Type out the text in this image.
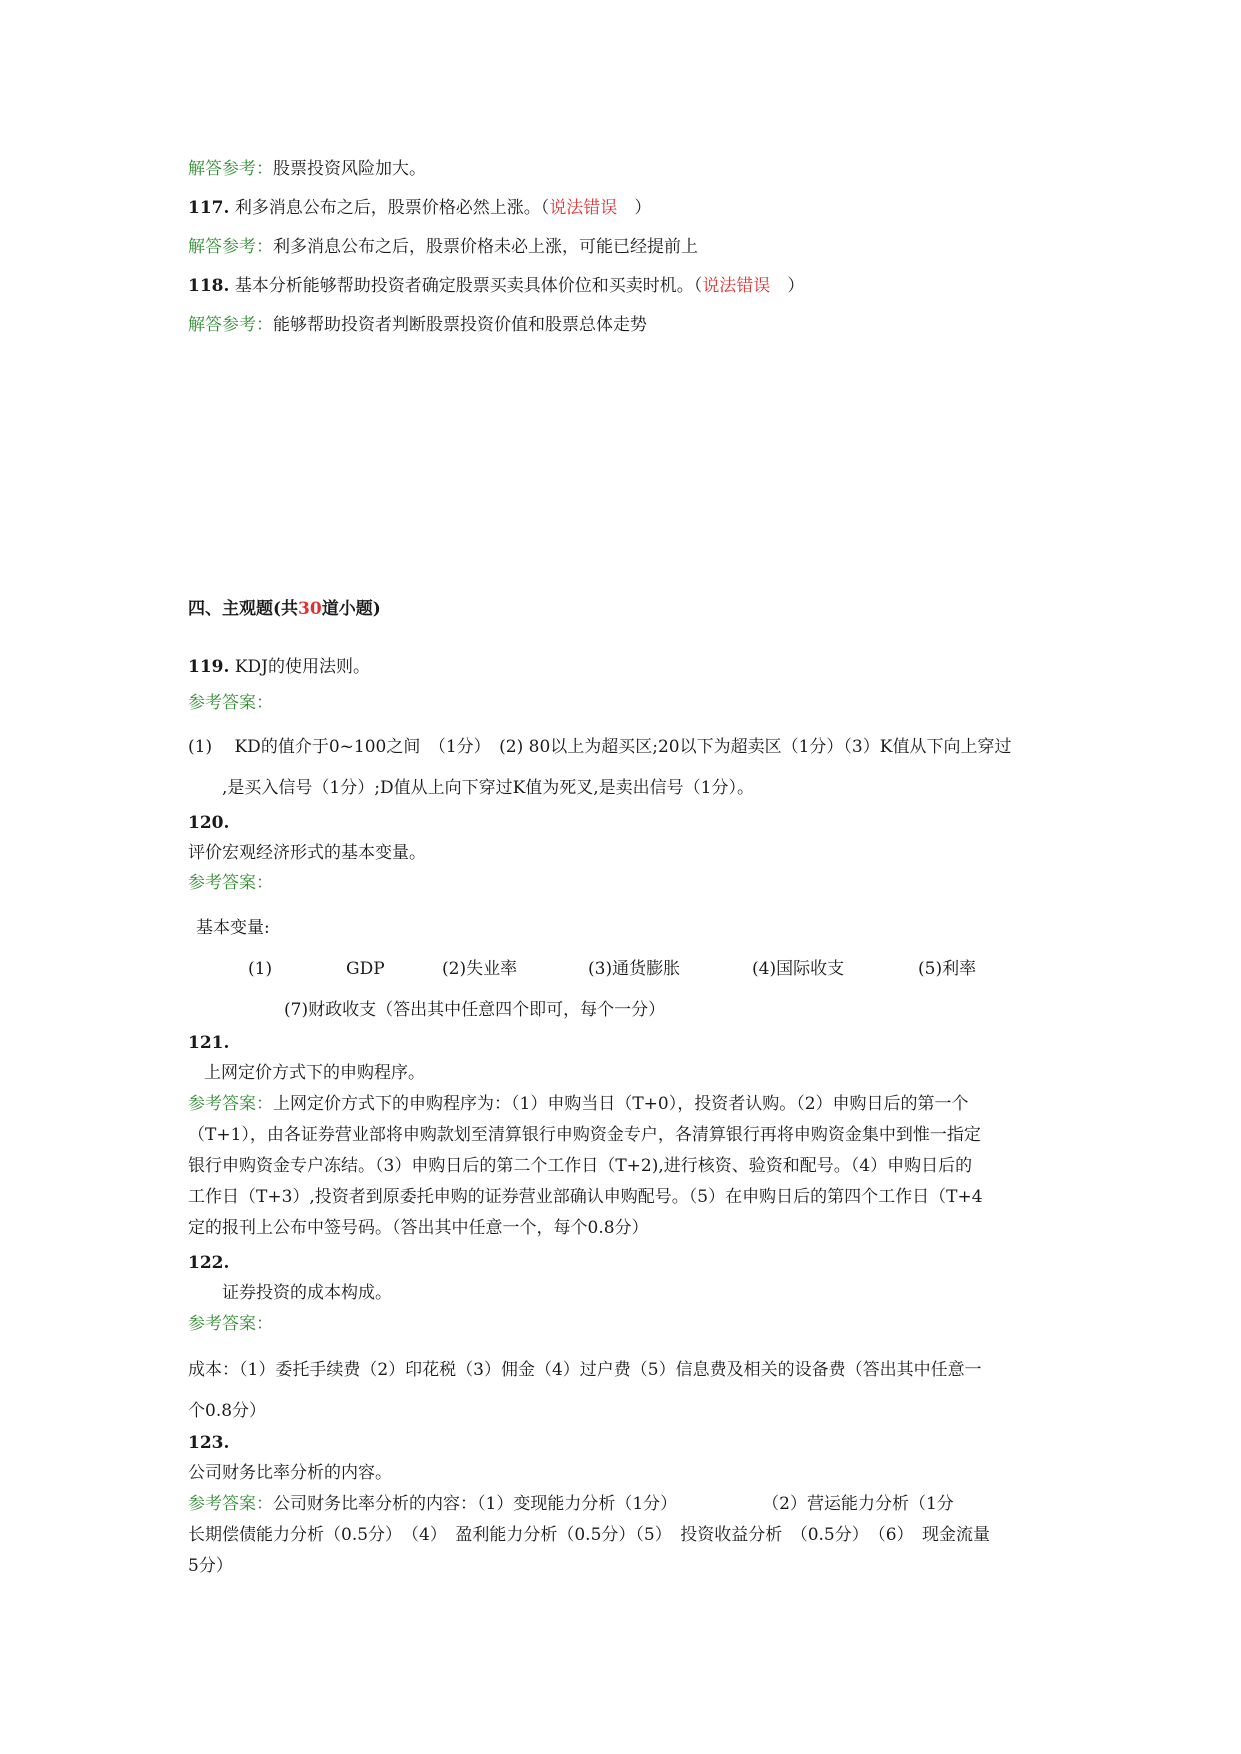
解答参考：股票投资风险加大。
117. 利多消息公布之后，股票价格必然上涨。（说法错误　 ）
解答参考：利多消息公布之后，股票价格未必上涨，可能已经提前上
118. 基本分析能够帮助投资者确定股票买卖具体价位和买卖时机。（说法错误　 ）
解答参考：能够帮助投资者判断股票投资价值和股票总体走势
四、主观题(共30道小题)
119. KDJ的使用法则。
参考答案：
(1)　 KD的值介于0~100之间　（1分）　(2) 80以上为超买区;20以下为超卖区（1分）（3）K值从下向上穿过
,是买入信号（1分）;D值从上向下穿过K值为死叉,是卖出信号（1分）。
120.
评价宏观经济形式的基本变量。
参考答案：
基本变量:
(1)	GDP	(2)失业率	(3)通货膨胀	(4)国际收支	(5)利率
(7)财政收支（答出其中任意四个即可，每个一分）
121.
上网定价方式下的申购程序。
参考答案：上网定价方式下的申购程序为：（1）申购当日（T+0），投资者认购。（2）申购日后的第一个
（T+1），由各证券营业部将申购款划至清算银行申购资金专户，各清算银行再将申购资金集中到惟一指定
银行申购资金专户冻结。（3）申购日后的第二个工作日（T+2),进行核资、验资和配号。（4）申购日后的
工作日（T+3）,投资者到原委托申购的证券营业部确认申购配号。（5）在申购日后的第四个工作日（T+4
定的报刊上公布中签号码。（答出其中任意一个，每个0.8分）
122.
证券投资的成本构成。
参考答案：
成本：（1）委托手续费（2）印花税（3）佣金（4）过户费（5）信息费及相关的设备费（答出其中任意一
个0.8分）
123.
公司财务比率分析的内容。
参考答案：公司财务比率分析的内容：（1）变现能力分析（1分）　　　　　　（2）营运能力分析（1分
长期偿债能力分析（0.5分）　（4）　盈利能力分析（0.5分）（5）　投资收益分析　（0.5分）　（6）　现金流量
5分）
